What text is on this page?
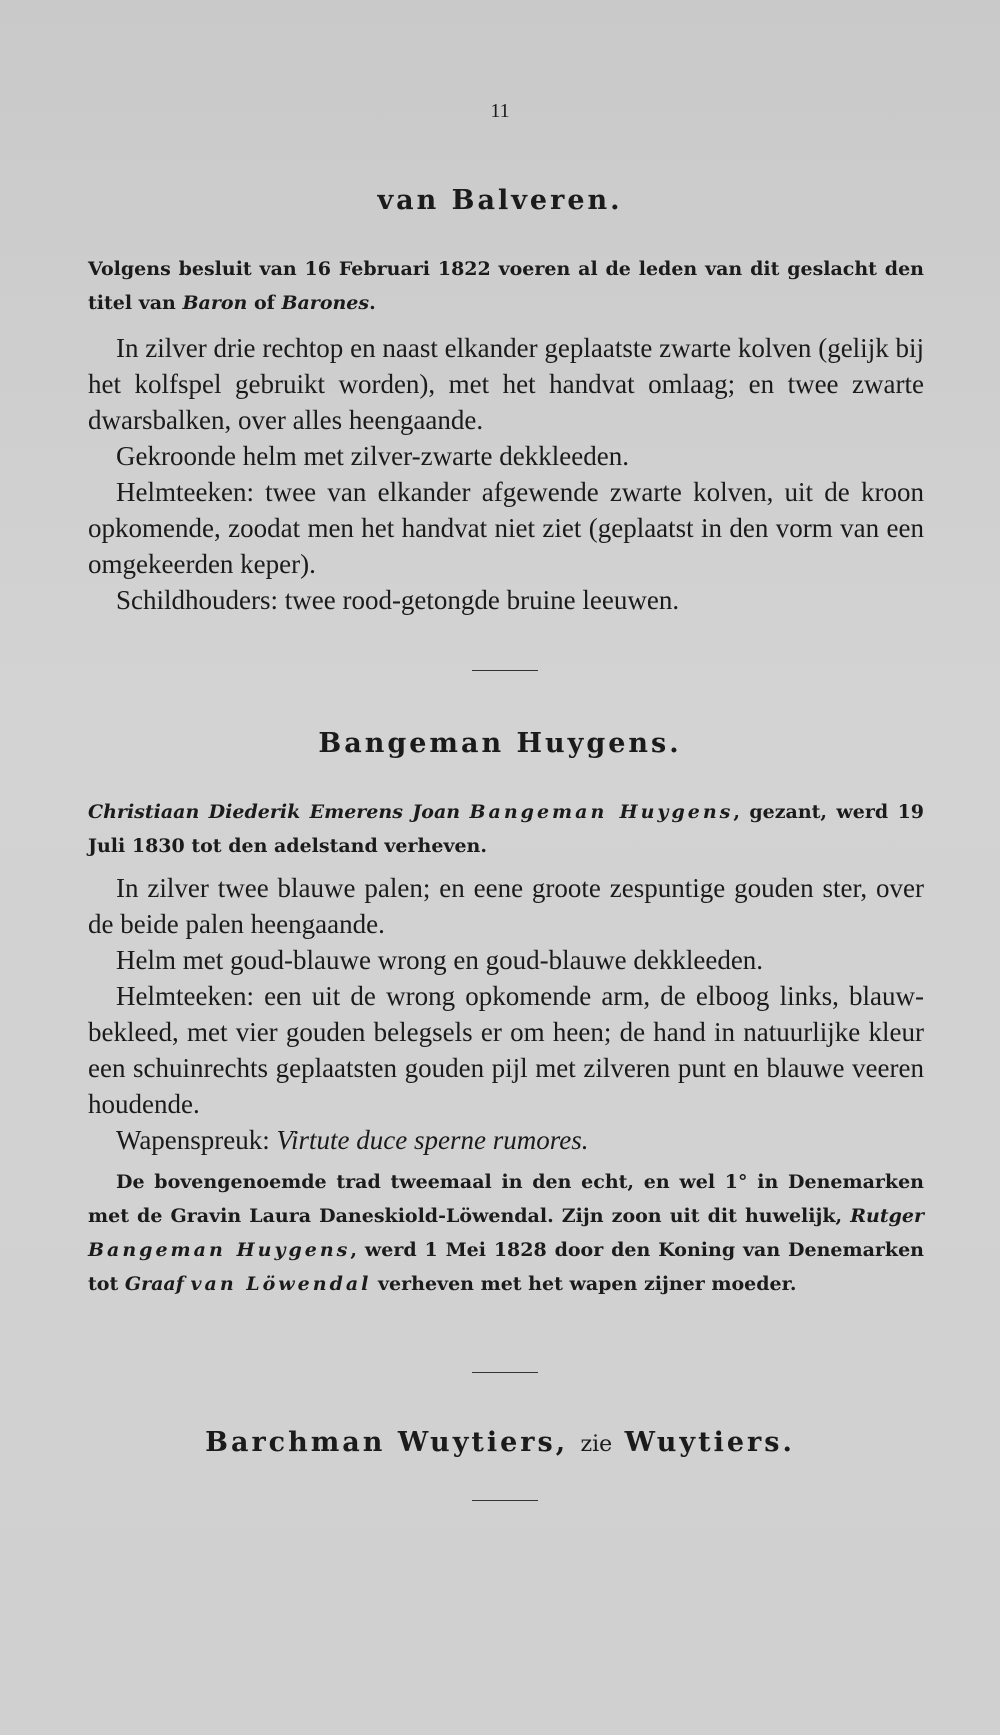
11
van Balveren.

Volgens besluit van 16 Februari 1822 voeren al de leden van dit geslacht den titel van Baron of Barones.

In zilver drie rechtop en naast elkander geplaatste zwarte kolven (gelijk bij het kolfspel gebruikt worden), met het handvat omlaag; en twee zwarte dwarsbalken, over alles heengaande.

Gekroonde helm met zilver-zwarte dekkleeden.

Helmteeken: twee van elkander afgewende zwarte kolven, uit de kroon opkomende, zoodat men het handvat niet ziet (geplaatst in den vorm van een omgekeerden keper).

Schildhouders: twee rood-getongde bruine leeuwen.

Bangeman Huygens.

Christiaan Diederik Emerens Joan Bangeman Huygens, gezant, werd 19 Juli 1830 tot den adelstand verheven.

In zilver twee blauwe palen; en eene groote zespuntige gouden ster, over de beide palen heengaande.

Helm met goud-blauwe wrong en goud-blauwe dekkleeden.

Helmteeken: een uit de wrong opkomende arm, de elboog links, blauw-bekleed, met vier gouden belegsels er om heen; de hand in natuurlijke kleur een schuinrechts geplaatsten gouden pijl met zilveren punt en blauwe veeren houdende.

Wapenspreuk: Virtute duce sperne rumores.

De bovengenoemde trad tweemaal in den echt, en wel 1° in Denemarken met de Gravin Laura Daneskiold-Löwendal. Zijn zoon uit dit huwelijk, Rutger Bangeman Huygens, werd 1 Mei 1828 door den Koning van Denemarken tot Graaf van Löwendal verheven met het wapen zijner moeder.

Barchman Wuytiers, zie Wuytiers.
